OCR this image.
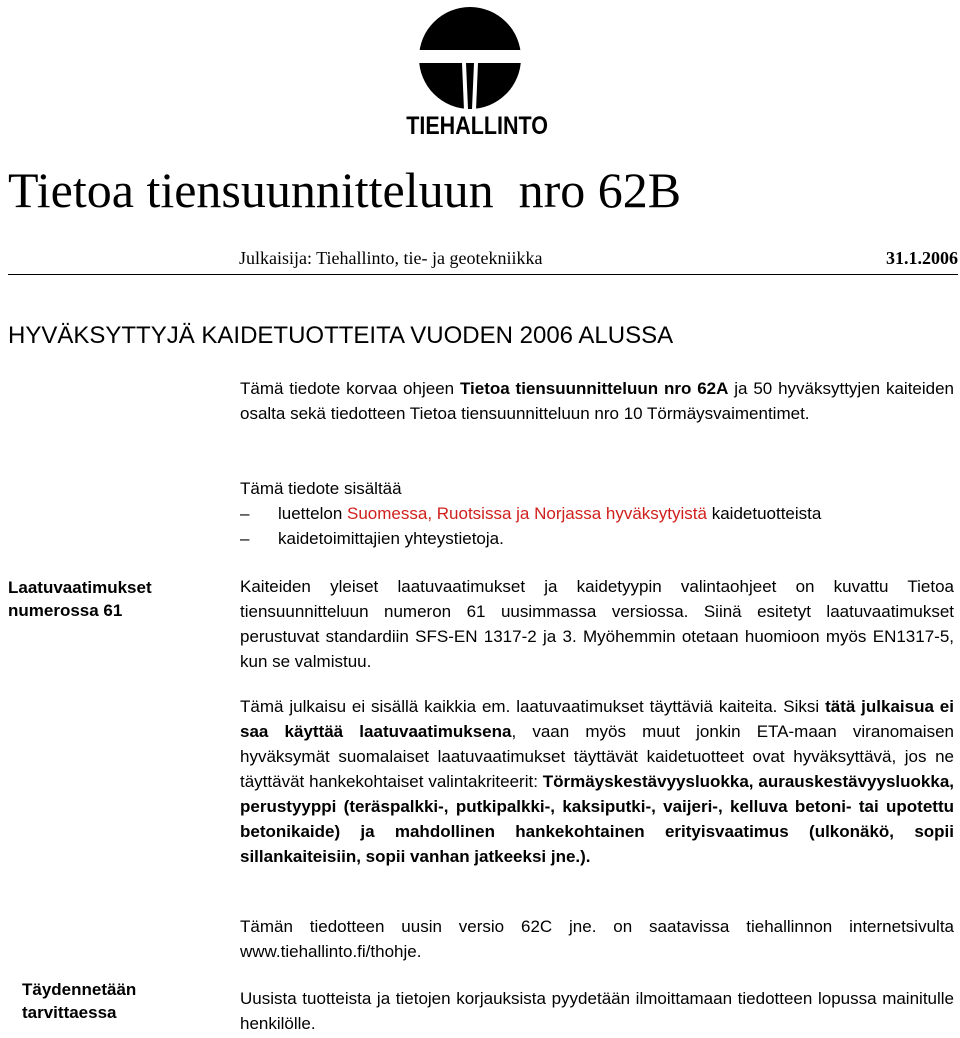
TIEHALLINTO
Tietoa tiensuunnitteluun  nro 62B
Julkaisija: Tiehallinto, tie- ja geotekniikka	31.1.2006
HYVÄKSYTTYJÄ KAIDETUOTTEITA VUODEN 2006 ALUSSA
Tämä tiedote korvaa ohjeen Tietoa tiensuunnitteluun nro 62A ja 50 hyväksyttyjen kaiteiden osalta sekä tiedotteen Tietoa tiensuunnitteluun nro 10 Törmäysvaimentimet.
Tämä tiedote sisältää
– luettelon Suomessa, Ruotsissa ja Norjassa hyväksytyistä kaidetuotteista
– kaidetoimittajien yhteystietoja.
Laatuvaatimukset numerossa 61
Täydennetään tarvittaessa
Kaiteiden yleiset laatuvaatimukset ja kaidetyypin valintaohjeet on kuvattu Tietoa tiensuunnitteluun numeron 61 uusimmassa versiossa. Siinä esitetyt laatuvaatimukset perustuvat standardiin SFS-EN 1317-2 ja 3. Myöhemmin otetaan huomioon myös EN1317-5, kun se valmistuu.
Tämä julkaisu ei sisällä kaikkia em. laatuvaatimukset täyttäviä kaiteita. Siksi tätä julkaisua ei saa käyttää laatuvaatimuksena, vaan myös muut jonkin ETA-maan viranomaisen hyväksymät suomalaiset laatuvaatimukset täyttävät kaidetuotteet ovat hyväksyttävä, jos ne täyttävät hankekohtaiset valintakriteerit: Törmäyskestävyysluokka, aurauskestävyysluokka, perustyyppi (teräspalkki-, putkipalkki-, kaksiputki-, vaijeri-, kelluva betoni- tai upotettu betonikaide) ja mahdollinen hankekohtainen erityisvaatimus (ulkonäkö, sopii sillankaiteisiin, sopii vanhan jatkeeksi jne.).
Tämän tiedotteen uusin versio 62C jne. on saatavissa tiehallinnon internetsivulta www.tiehallinto.fi/thohje.
Uusista tuotteista ja tietojen korjauksista pyydetään ilmoittamaan tiedotteen lopussa mainitulle henkilölle.
